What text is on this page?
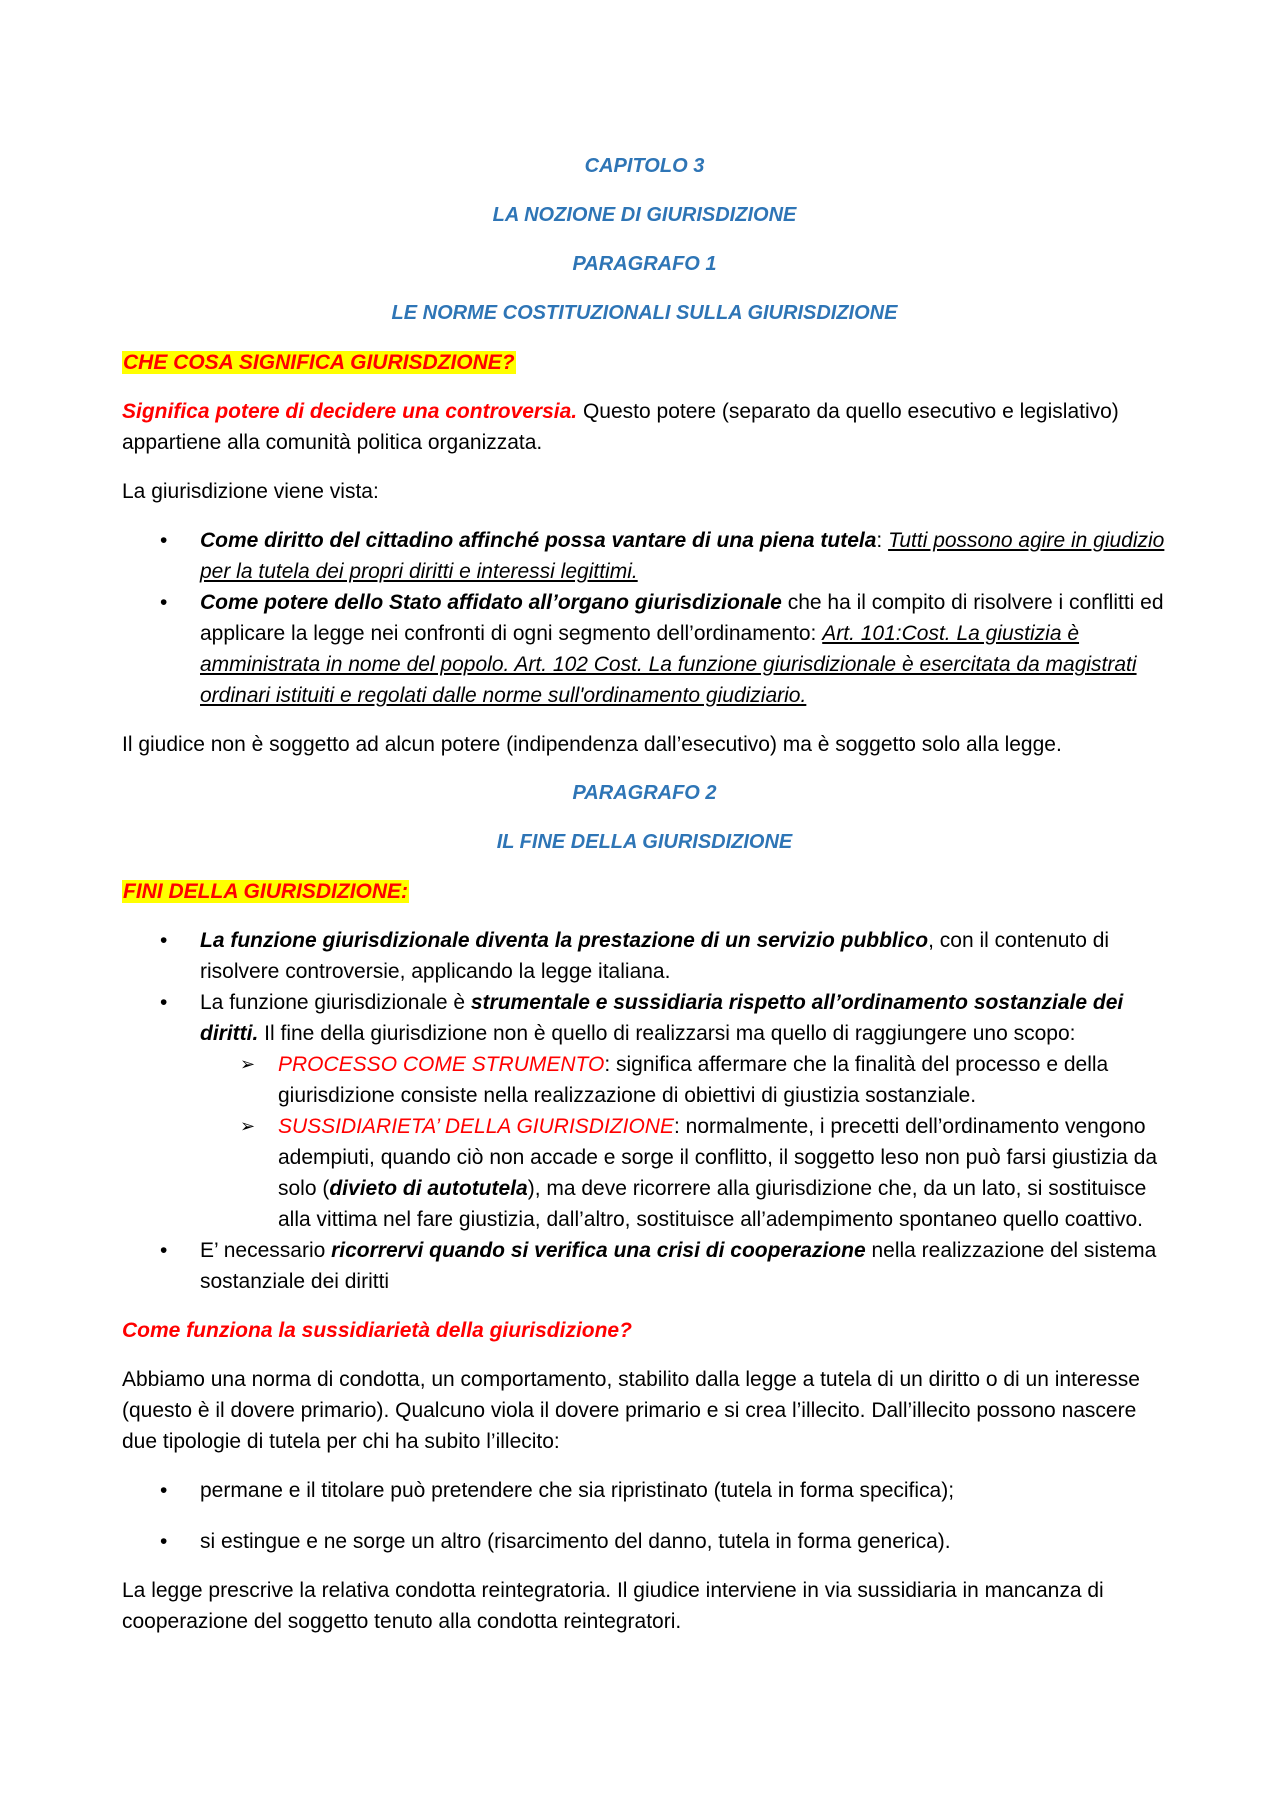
CAPITOLO 3
LA NOZIONE DI GIURISDIZIONE
PARAGRAFO 1
LE NORME COSTITUZIONALI SULLA GIURISDIZIONE

CHE COSA SIGNIFICA GIURISDZIONE?

Significa potere di decidere una controversia. Questo potere (separato da quello esecutivo e legislativo) appartiene alla comunità politica organizzata.

La giurisdizione viene vista:

• Come diritto del cittadino affinché possa vantare di una piena tutela: Tutti possono agire in giudizio per la tutela dei propri diritti e interessi legittimi.
• Come potere dello Stato affidato all’organo giurisdizionale che ha il compito di risolvere i conflitti ed applicare la legge nei confronti di ogni segmento dell’ordinamento: Art. 101:Cost. La giustizia è amministrata in nome del popolo. Art. 102 Cost. La funzione giurisdizionale è esercitata da magistrati ordinari istituiti e regolati dalle norme sull'ordinamento giudiziario.

Il giudice non è soggetto ad alcun potere (indipendenza dall’esecutivo) ma è soggetto solo alla legge.

PARAGRAFO 2
IL FINE DELLA GIURISDIZIONE

FINI DELLA GIURISDIZIONE:

• La funzione giurisdizionale diventa la prestazione di un servizio pubblico, con il contenuto di risolvere controversie, applicando la legge italiana.
• La funzione giurisdizionale è strumentale e sussidiaria rispetto all’ordinamento sostanziale dei diritti. Il fine della giurisdizione non è quello di realizzarsi ma quello di raggiungere uno scopo:
➢ PROCESSO COME STRUMENTO: significa affermare che la finalità del processo e della giurisdizione consiste nella realizzazione di obiettivi di giustizia sostanziale.
➢ SUSSIDIARIETA’ DELLA GIURISDIZIONE: normalmente, i precetti dell’ordinamento vengono adempiuti, quando ciò non accade e sorge il conflitto, il soggetto leso non può farsi giustizia da solo (divieto di autotutela), ma deve ricorrere alla giurisdizione che, da un lato, si sostituisce alla vittima nel fare giustizia, dall’altro, sostituisce all’adempimento spontaneo quello coattivo.
• E’ necessario ricorrervi quando si verifica una crisi di cooperazione nella realizzazione del sistema sostanziale dei diritti

Come funziona la sussidiarietà della giurisdizione?

Abbiamo una norma di condotta, un comportamento, stabilito dalla legge a tutela di un diritto o di un interesse (questo è il dovere primario). Qualcuno viola il dovere primario e si crea l’illecito. Dall’illecito possono nascere due tipologie di tutela per chi ha subito l’illecito:

• permane e il titolare può pretendere che sia ripristinato (tutela in forma specifica);
• si estingue e ne sorge un altro (risarcimento del danno, tutela in forma generica).

La legge prescrive la relativa condotta reintegratoria. Il giudice interviene in via sussidiaria in mancanza di cooperazione del soggetto tenuto alla condotta reintegratori.
